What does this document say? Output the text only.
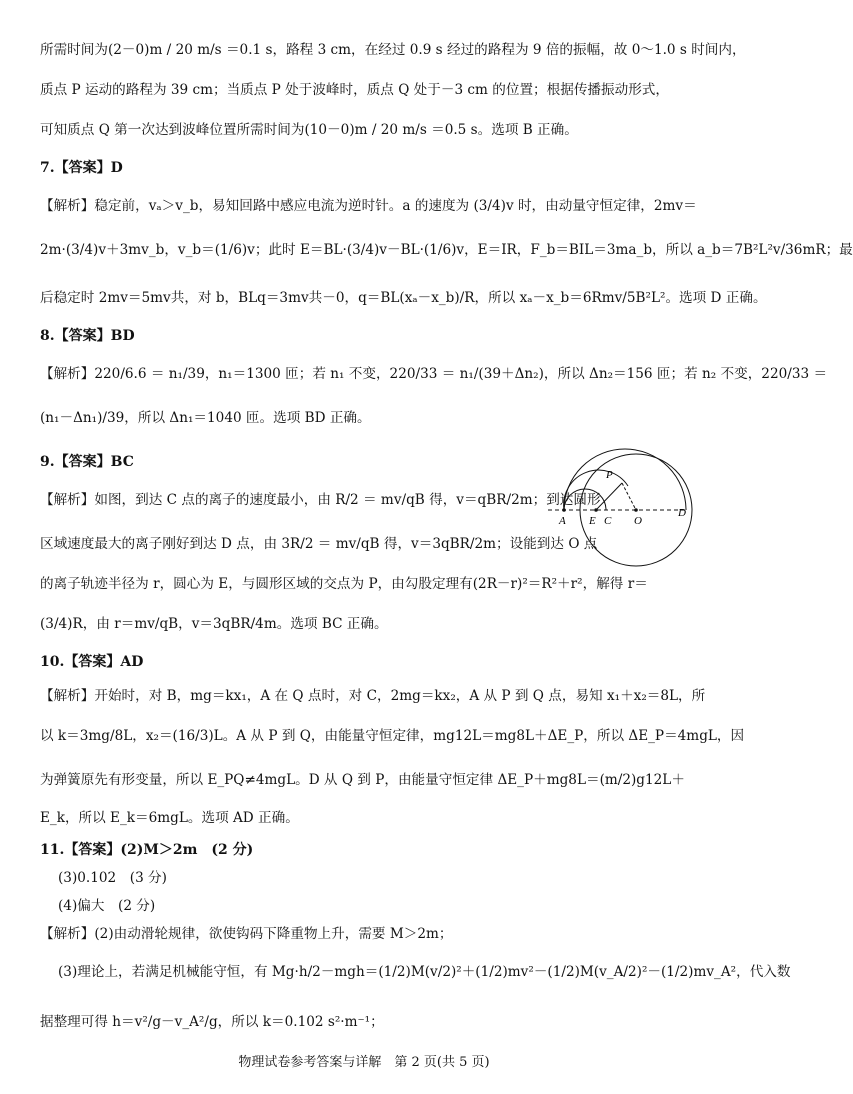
所需时间为(2－0)m / 20 m/s ＝0.1 s，路程 3 cm，在经过 0.9 s 经过的路程为 9 倍的振幅，故 0～1.0 s 时间内，
质点 P 运动的路程为 39 cm；当质点 P 处于波峰时，质点 Q 处于－3 cm 的位置；根据传播振动形式，
可知质点 Q 第一次达到波峰位置所需时间为(10－0)m / 20 m/s ＝0.5 s。选项 B 正确。
7.【答案】D
【解析】稳定前，vₐ＞v_b，易知回路中感应电流为逆时针。a 的速度为 (3/4)v 时，由动量守恒定律，2mv＝
2m·(3/4)v＋3mv_b，v_b＝(1/6)v；此时 E＝BL·(3/4)v－BL·(1/6)v，E＝IR，F_b＝BIL＝3ma_b，所以 a_b＝7B²L²v/36mR；最
后稳定时 2mv＝5mv共，对 b，BLq＝3mv共－0，q＝BL(xₐ－x_b)/R，所以 xₐ－x_b＝6Rmv/5B²L²。选项 D 正确。
8.【答案】BD
【解析】220/6.6 ＝ n₁/39，n₁＝1300 匝；若 n₁ 不变，220/33 ＝ n₁/(39＋Δn₂)，所以 Δn₂＝156 匝；若 n₂ 不变，220/33 ＝
(n₁－Δn₁)/39，所以 Δn₁＝1040 匝。选项 BD 正确。
9.【答案】BC
【解析】如图，到达 C 点的离子的速度最小，由 R/2 ＝ mv/qB 得，v＝qBR/2m；到达圆形
区域速度最大的离子刚好到达 D 点，由 3R/2 ＝ mv/qB 得，v＝3qBR/2m；设能到达 O 点
的离子轨迹半径为 r，圆心为 E，与圆形区域的交点为 P，由勾股定理有(2R－r)²＝R²＋r²，解得 r＝
(3/4)R，由 r＝mv/qB，v＝3qBR/4m。选项 BC 正确。
P
A E C O
D
10.【答案】AD
【解析】开始时，对 B，mg＝kx₁，A 在 Q 点时，对 C，2mg＝kx₂，A 从 P 到 Q 点，易知 x₁＋x₂＝8L，所
以 k＝3mg/8L，x₂＝(16/3)L。A 从 P 到 Q，由能量守恒定律，mg12L＝mg8L＋ΔE_P，所以 ΔE_P＝4mgL，因
为弹簧原先有形变量，所以 E_PQ≠4mgL。D 从 Q 到 P，由能量守恒定律 ΔE_P＋mg8L＝(m/2)g12L＋
E_k，所以 E_k＝6mgL。选项 AD 正确。
11.【答案】(2)M＞2m　(2 分)
(3)0.102　(3 分)
(4)偏大　(2 分)
【解析】(2)由动滑轮规律，欲使钩码下降重物上升，需要 M＞2m；
(3)理论上，若满足机械能守恒，有 Mg·h/2－mgh＝(1/2)M(v/2)²＋(1/2)mv²－(1/2)M(v_A/2)²－(1/2)mv_A²，代入数
据整理可得 h＝v²/g－v_A²/g，所以 k＝0.102 s²·m⁻¹；
物理试卷参考答案与详解　第 2 页(共 5 页)
